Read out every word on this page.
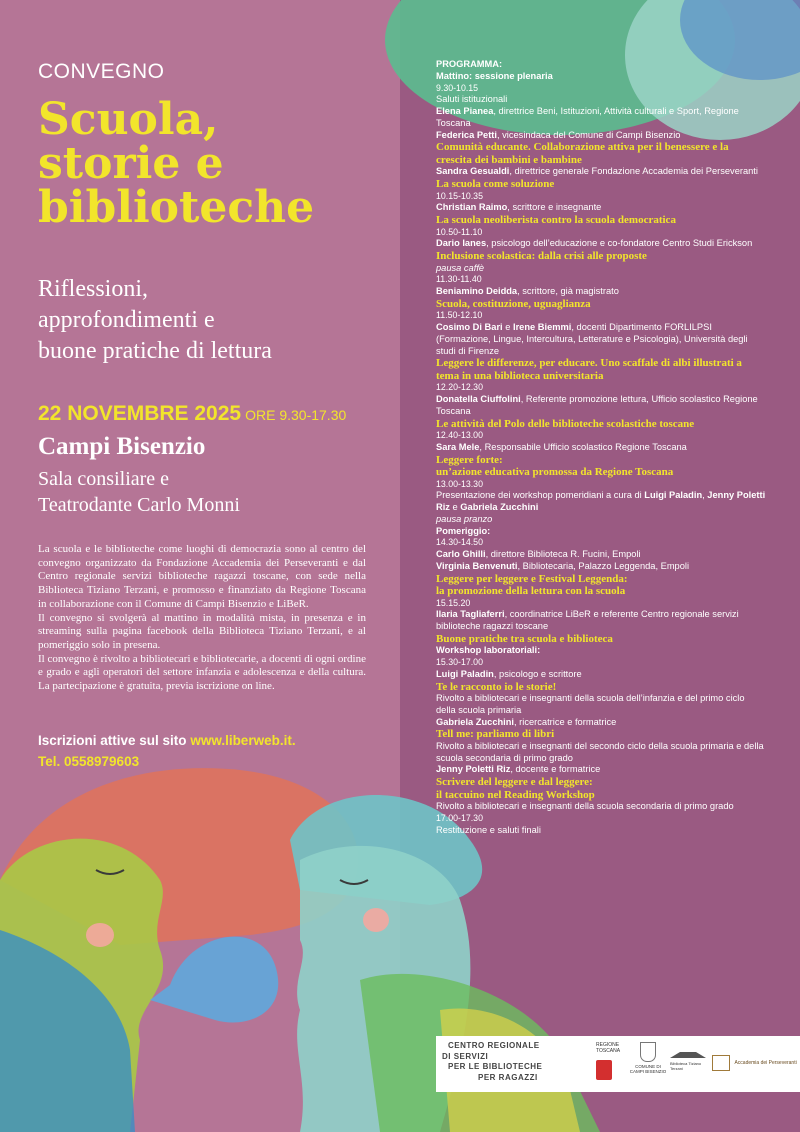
CONVEGNO
Scuola,
storie e
biblioteche
Riflessioni,
approfondimenti e
buone pratiche di lettura
22 NOVEMBRE 2025 ORE 9.30-17.30
Campi Bisenzio
Sala consiliare e
Teatrodante Carlo Monni

La scuola e le biblioteche come luoghi di democrazia sono al centro del convegno organizzato da Fondazione Accademia dei Perseveranti e dal Centro regionale servizi biblioteche ragazzi toscane, con sede nella Biblioteca Tiziano Terzani, e promosso e finanziato da Regione Toscana in collaborazione con il Comune di Campi Bisenzio e LiBeR.

Il convegno si svolgerà al mattino in modalità mista, in presenza e in streaming sulla pagina facebook della Biblioteca Tiziano Terzani, e al pomeriggio solo in presena.

Il convegno è rivolto a bibliotecari e bibliotecarie, a docenti di ogni ordine e grado e agli operatori del settore infanzia e adolescenza e della cultura. La partecipazione è gratuita, previa iscrizione on line.

Iscrizioni attive sul sito www.liberweb.it.
Tel. 0558979603
PROGRAMMA:
Mattino: sessione plenaria
9.30-10.15
Saluti istituzionali
Elena Pianea, direttrice Beni, Istituzioni, Attività culturali e Sport, Regione Toscana
Federica Petti, vicesindaca del Comune di Campi Bisenzio
Comunità educante. Collaborazione attiva per il benessere e la crescita dei bambini e bambine
Sandra Gesualdi, direttrice generale Fondazione Accademia dei Perseveranti
La scuola come soluzione
10.15-10.35
Christian Raimo, scrittore e insegnante
La scuola neoliberista contro la scuola democratica
10.50-11.10
Dario Ianes, psicologo dell’educazione e co-fondatore Centro Studi Erickson
Inclusione scolastica: dalla crisi alle proposte
pausa caffè
11.30-11.40
Beniamino Deidda, scrittore, già magistrato
Scuola, costituzione, uguaglianza
11.50-12.10
Cosimo Di Bari e Irene Biemmi, docenti Dipartimento FORLILPSI (Formazione, Lingue, Intercultura, Letterature e Psicologia), Università degli studi di Firenze
Leggere le differenze, per educare. Uno scaffale di albi illustrati a tema in una biblioteca universitaria
12.20-12.30
Donatella Ciuffolini, Referente promozione lettura, Ufficio scolastico Regione Toscana
Le attività del Polo delle biblioteche scolastiche toscane
12.40-13.00
Sara Mele, Responsabile Ufficio scolastico Regione Toscana
Leggere forte:
un’azione educativa promossa da Regione Toscana
13.00-13.30
Presentazione dei workshop pomeridiani a cura di Luigi Paladin, Jenny Poletti Riz e Gabriela Zucchini
pausa pranzo
Pomeriggio:
14.30-14.50
Carlo Ghilli, direttore Biblioteca R. Fucini, Empoli
Virginia Benvenuti, Bibliotecaria, Palazzo Leggenda, Empoli
Leggere per leggere e Festival Leggenda:
la promozione della lettura con la scuola
15.15.20
Ilaria Tagliaferri, coordinatrice LiBeR e referente Centro regionale servizi biblioteche ragazzi toscane
Buone pratiche tra scuola e biblioteca
Workshop laboratoriali:
15.30-17.00
Luigi Paladin, psicologo e scrittore
Te le racconto io le storie!
Rivolto a bibliotecari e insegnanti della scuola dell’infanzia e del primo ciclo della scuola primaria
Gabriela Zucchini, ricercatrice e formatrice
Tell me: parliamo di libri
Rivolto a bibliotecari e insegnanti del secondo ciclo della scuola primaria e della scuola secondaria di primo grado
Jenny Poletti Riz, docente e formatrice
Scrivere del leggere e dal leggere:
il taccuino nel Reading Workshop
Rivolto a bibliotecari e insegnanti della scuola secondaria di primo grado
17.00-17.30
Restituzione e saluti finali
CENTRO REGIONALE
DI SERVIZI
PER LE BIBLIOTECHE
PER RAGAZZI
REGIONE TOSCANA
COMUNE DI CAMPI BISENZIO
Biblioteca Tiziano Terzani
Accademia dei Perseveranti
